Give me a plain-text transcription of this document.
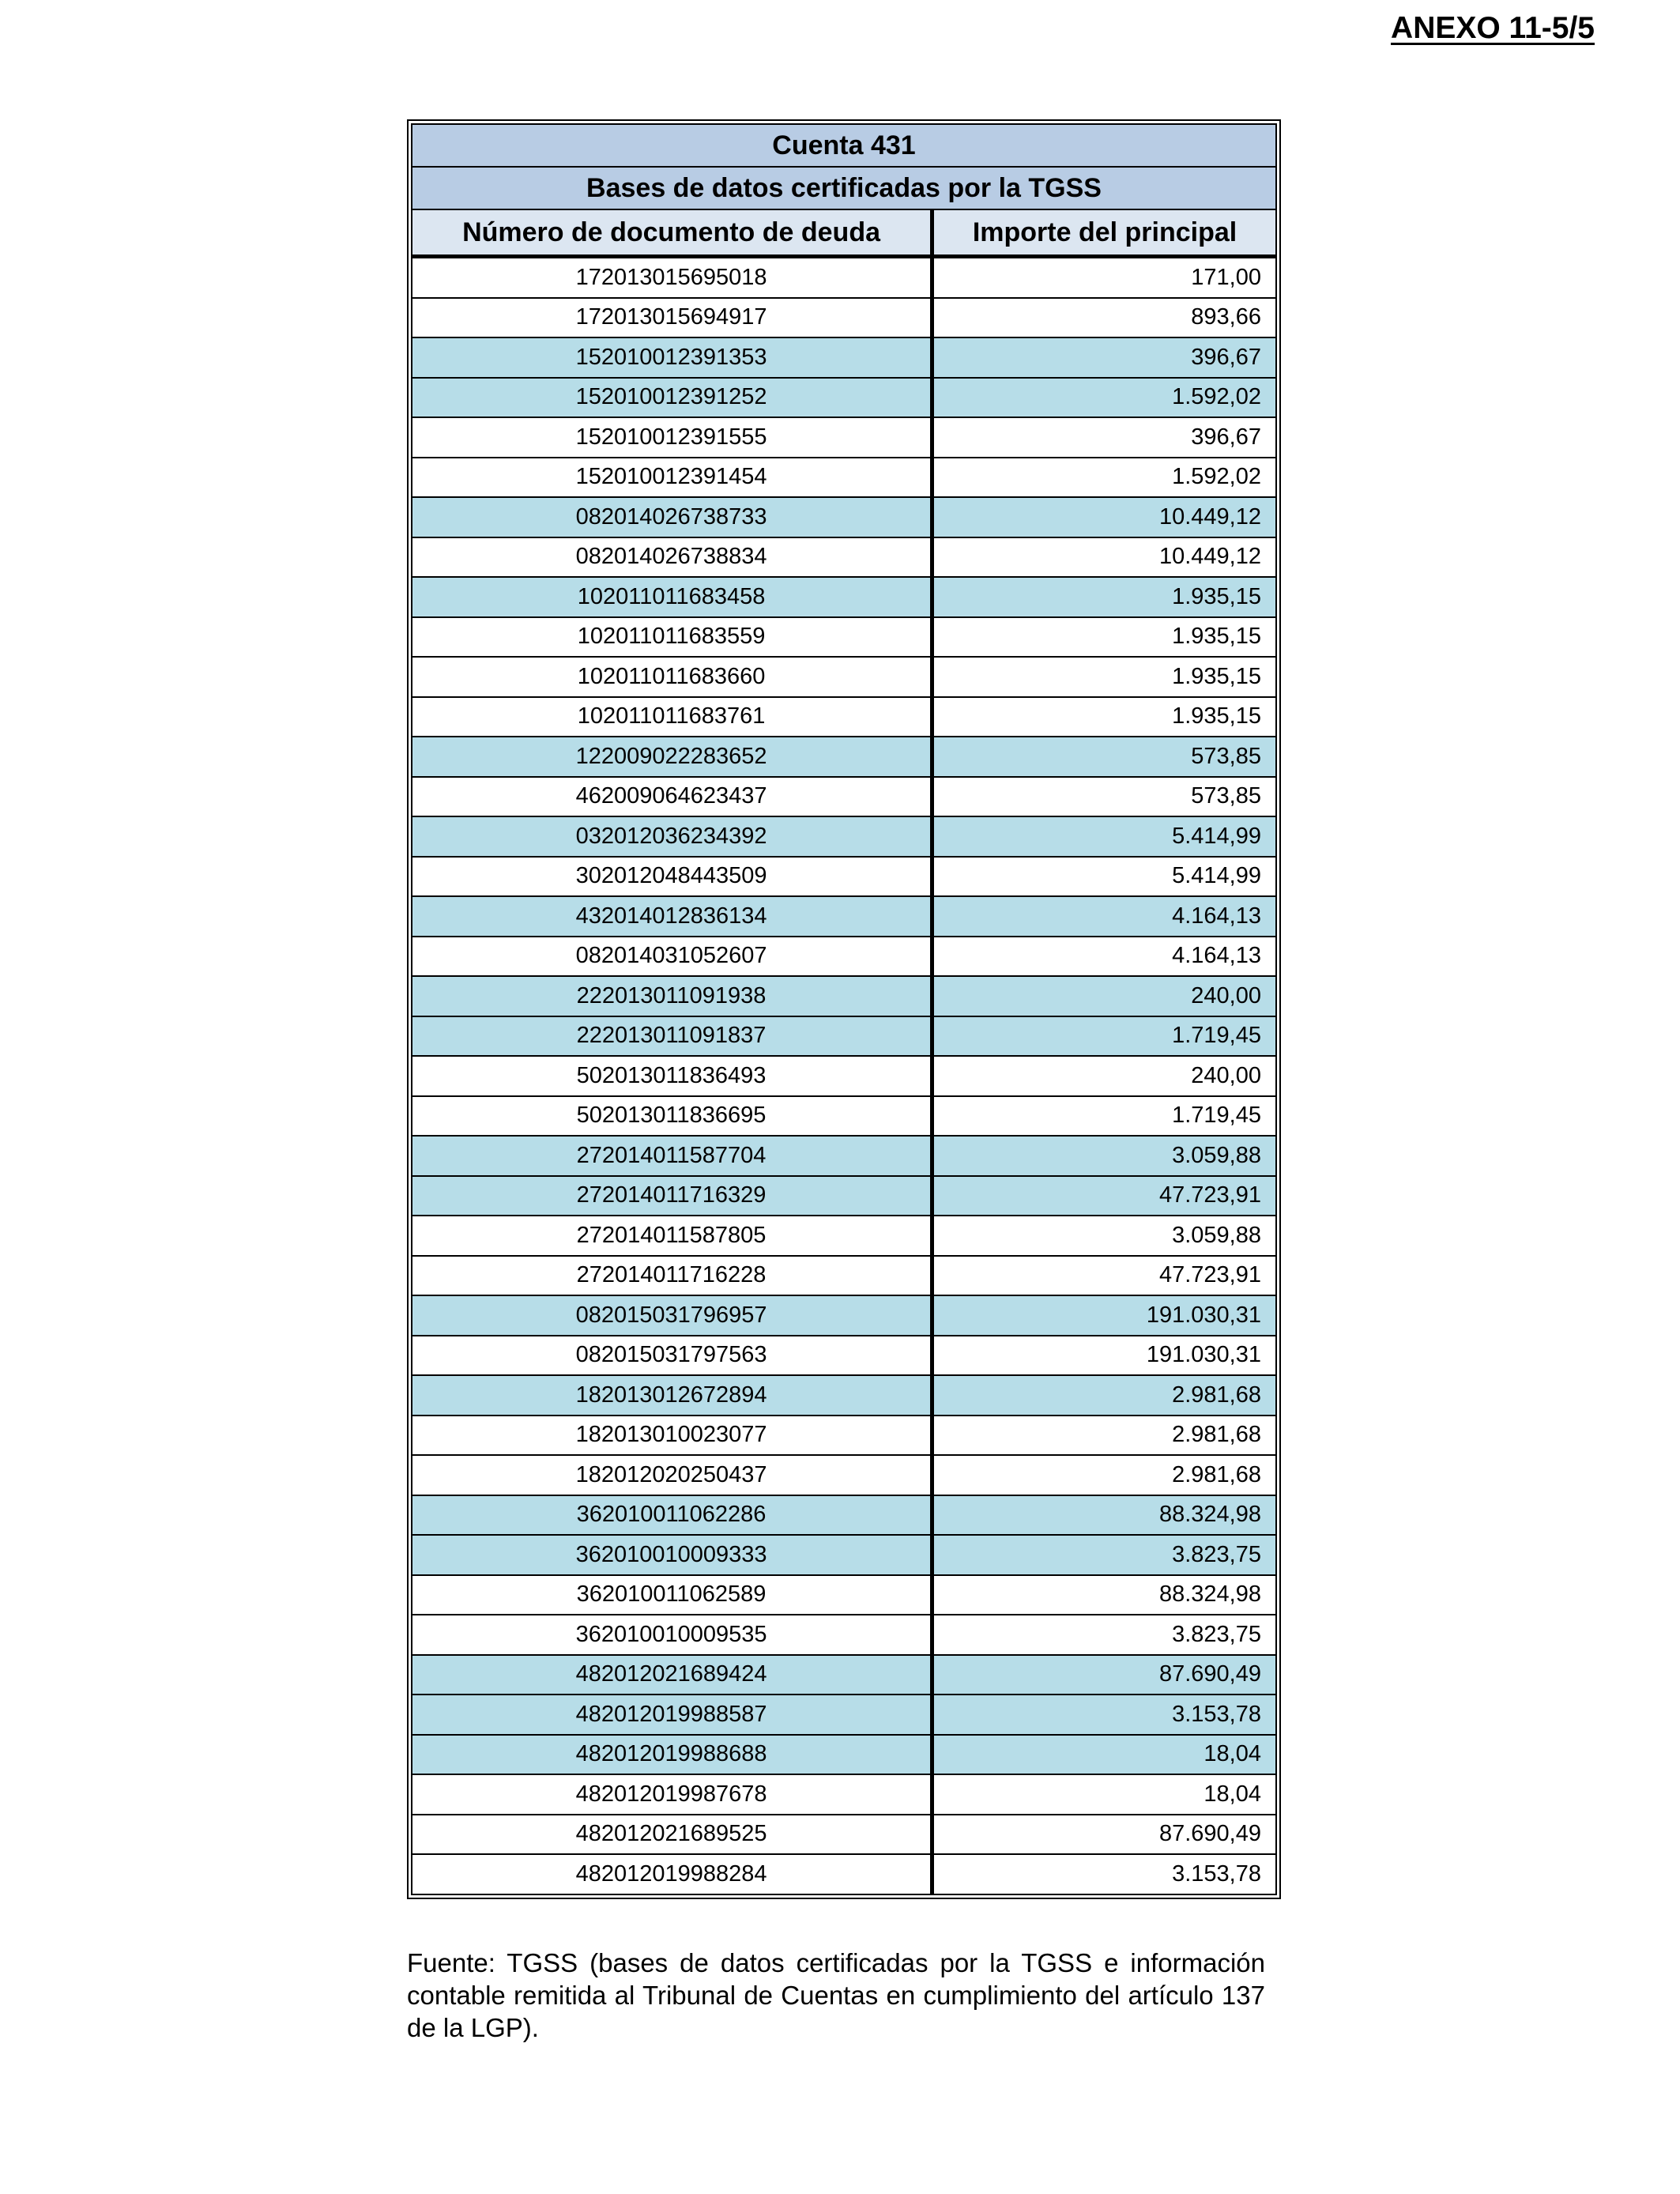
ANEXO 11-5/5
Cuenta 431	
Bases de datos certificadas por la TGSS	
Número de documento de deuda	Importe del principal
172013015695018	171,00
172013015694917	893,66
152010012391353	396,67
152010012391252	1.592,02
152010012391555	396,67
152010012391454	1.592,02
082014026738733	10.449,12
082014026738834	10.449,12
102011011683458	1.935,15
102011011683559	1.935,15
102011011683660	1.935,15
102011011683761	1.935,15
122009022283652	573,85
462009064623437	573,85
032012036234392	5.414,99
302012048443509	5.414,99
432014012836134	4.164,13
082014031052607	4.164,13
222013011091938	240,00
222013011091837	1.719,45
502013011836493	240,00
502013011836695	1.719,45
272014011587704	3.059,88
272014011716329	47.723,91
272014011587805	3.059,88
272014011716228	47.723,91
082015031796957	191.030,31
082015031797563	191.030,31
182013012672894	2.981,68
182013010023077	2.981,68
182012020250437	2.981,68
362010011062286	88.324,98
362010010009333	3.823,75
362010011062589	88.324,98
362010010009535	3.823,75
482012021689424	87.690,49
482012019988587	3.153,78
482012019988688	18,04
482012019987678	18,04
482012021689525	87.690,49
482012019988284	3.153,78
Fuente: TGSS (bases de datos certificadas por la TGSS e información contable remitida al Tribunal de Cuentas en cumplimiento del artículo 137 de la LGP).
